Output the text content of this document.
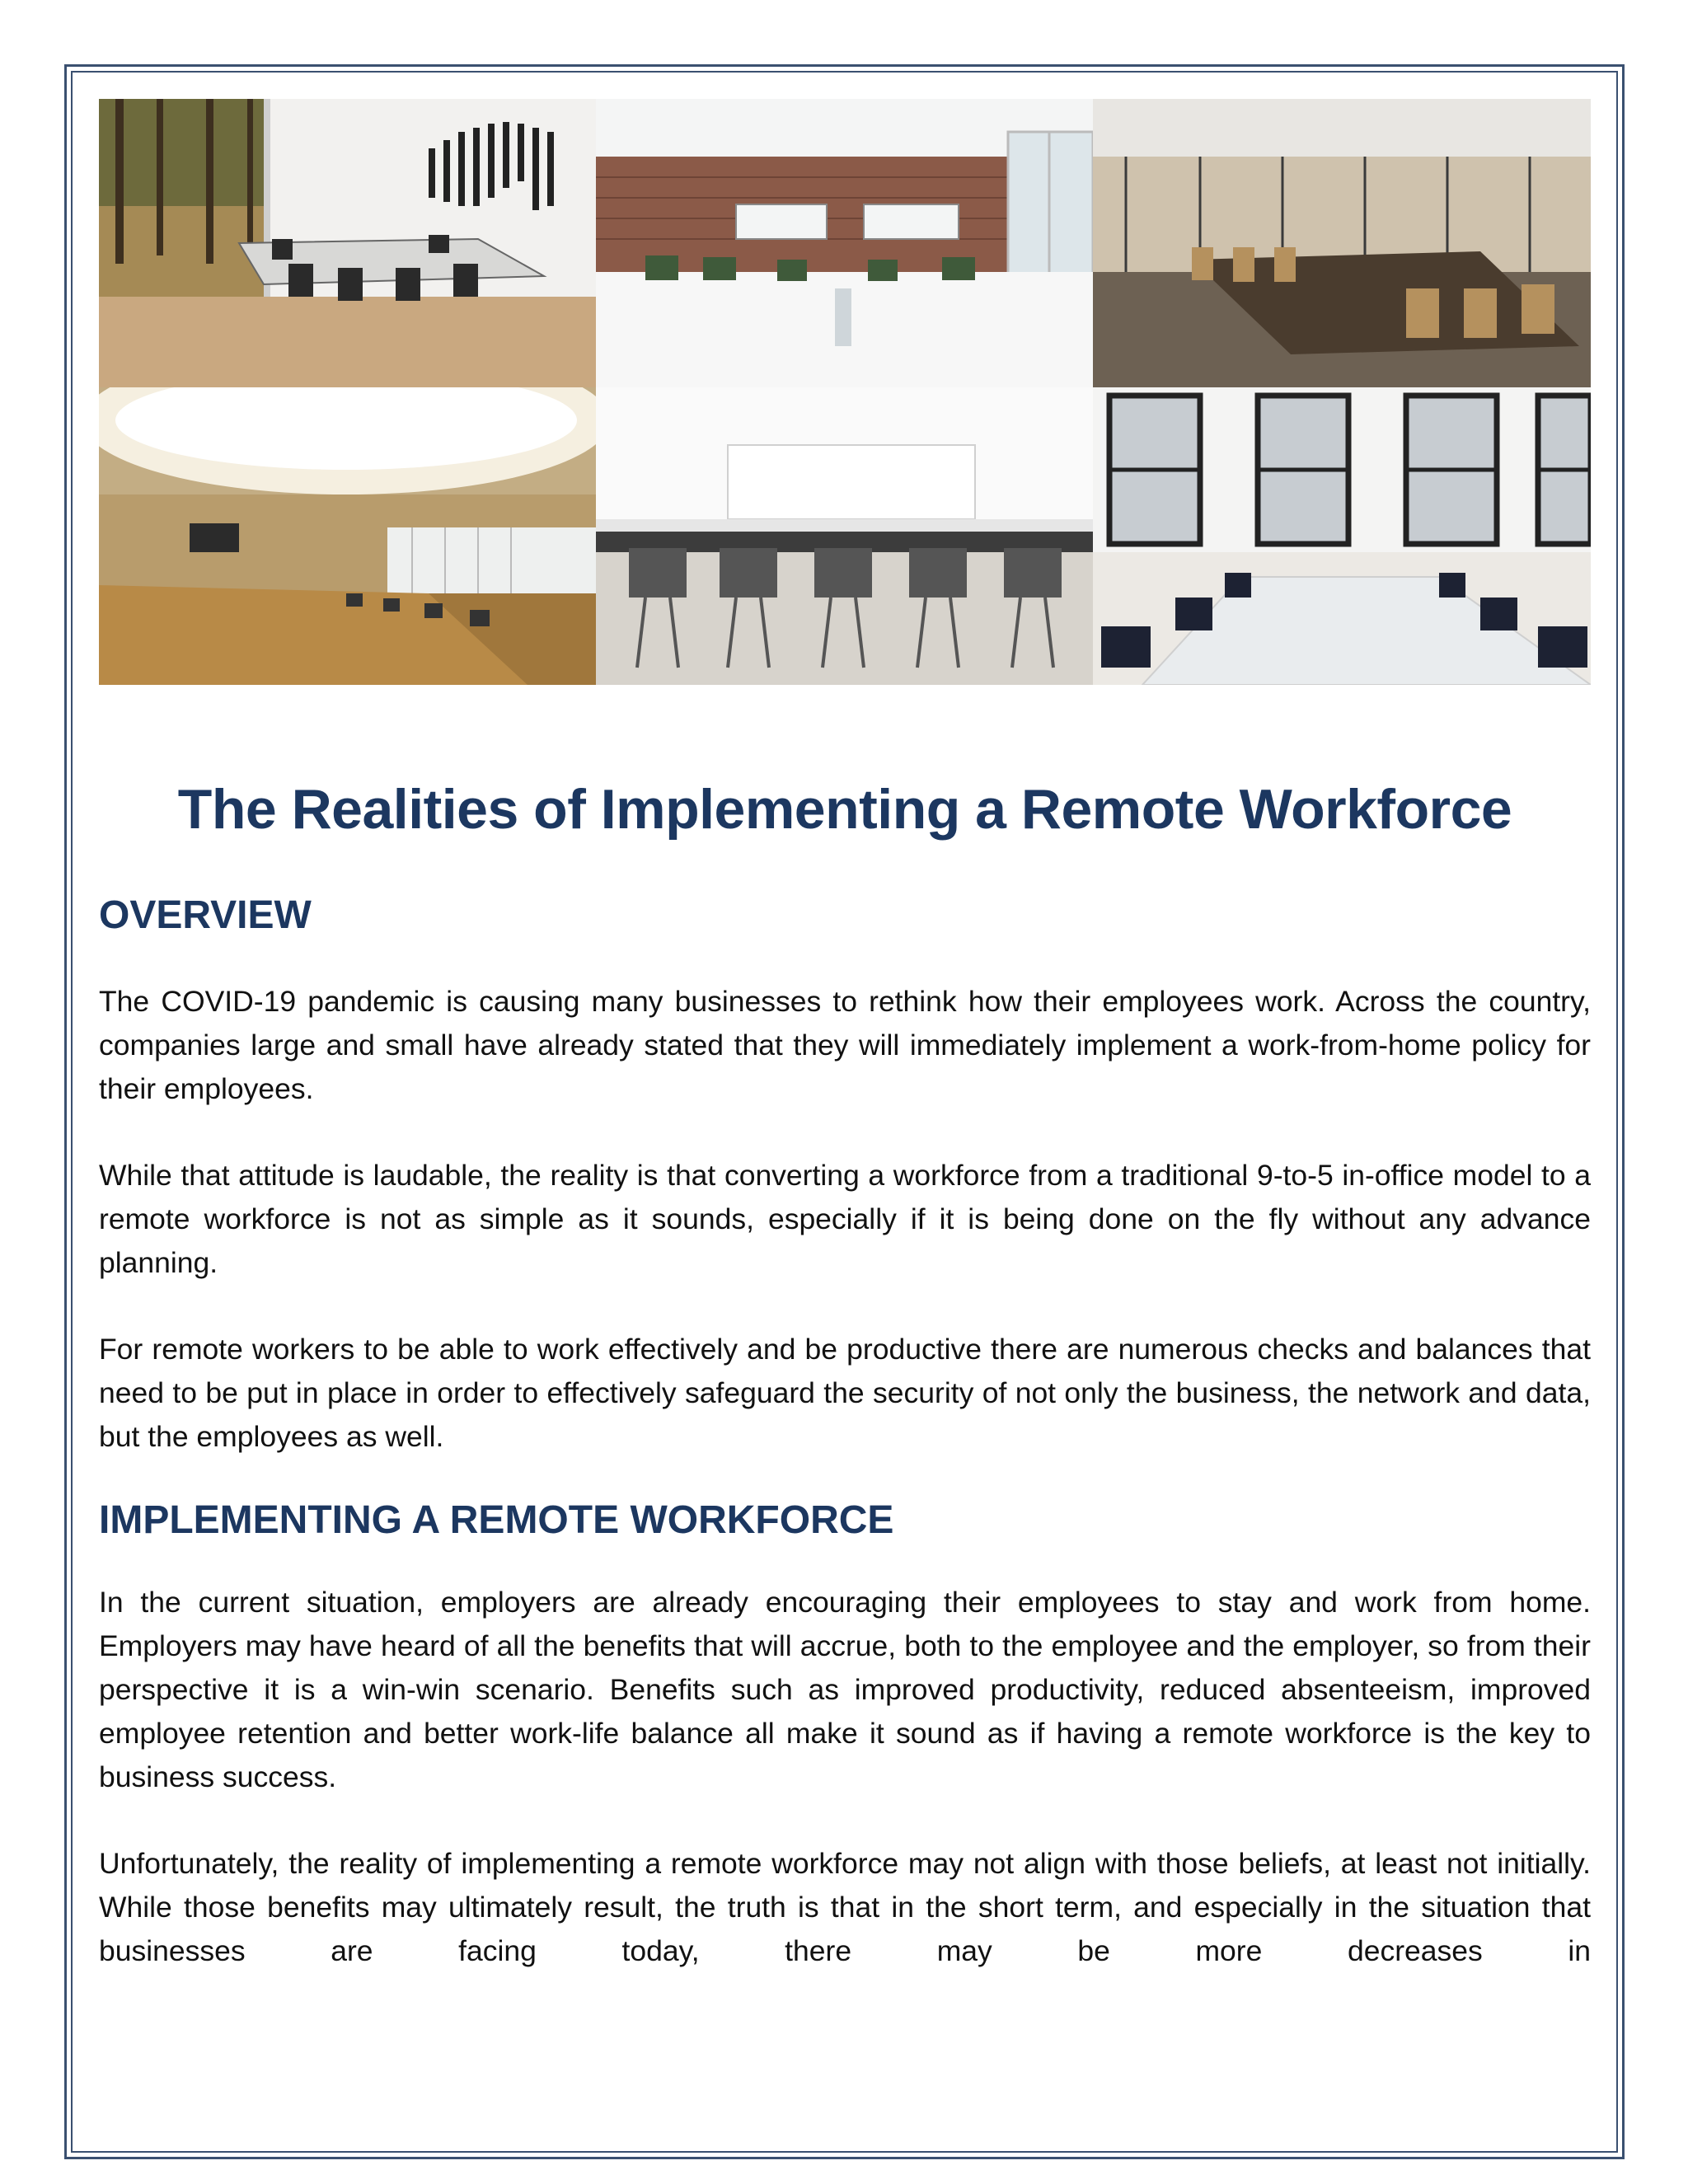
The Realities of Implementing a Remote Workforce
OVERVIEW

The COVID-19 pandemic is causing many businesses to rethink how their employees work. Across the country, companies large and small have already stated that they will immediately implement a work-from-home policy for their employees.

While that attitude is laudable, the reality is that converting a workforce from a traditional 9-to-5 in-office model to a remote workforce is not as simple as it sounds, especially if it is being done on the fly without any advance planning.

For remote workers to be able to work effectively and be productive there are numerous checks and balances that need to be put in place in order to effectively safeguard the security of not only the business, the network and data, but the employees as well.

IMPLEMENTING A REMOTE WORKFORCE

In the current situation, employers are already encouraging their employees to stay and work from home. Employers may have heard of all the benefits that will accrue, both to the employee and the employer, so from their perspective it is a win-win scenario. Benefits such as improved productivity, reduced absenteeism, improved employee retention and better work-life balance all make it sound as if having a remote workforce is the key to business success.

Unfortunately, the reality of implementing a remote workforce may not align with those beliefs, at least not initially. While those benefits may ultimately result, the truth is that in the short term, and especially in the situation that businesses are facing today, there may be more decreases in
